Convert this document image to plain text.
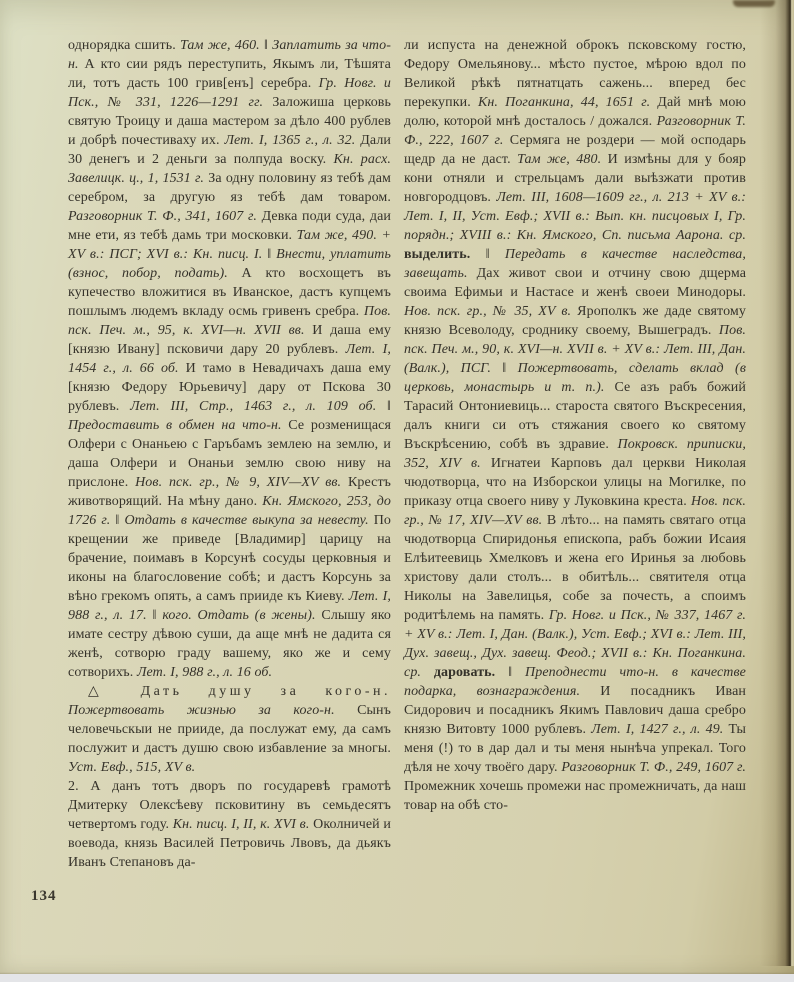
однорядка сшить. Там же, 460. ‖ Заплатить за что-н. А кто сии рядъ переступить, Якымъ ли, Тѣшята ли, тотъ дасть 100 грив[енъ] серебра. Гр. Новг. и Пск., № 331, 1226—1291 гг. Заложиша церковь святую Троицу и даша мастером за дѣло 400 рублев и добрѣ почестиваху их. Лет. I, 1365 г., л. 32. Дали 30 денегъ и 2 деньги за полпуда воску. Кн. расх. Завелицк. ц., 1, 1531 г. За одну половину яз тебѣ дам серебром, за другую яз тебѣ дам товаром. Разговорник Т. Ф., 341, 1607 г. Девка поди суда, даи мне ети, яз тебѣ дамь три московки. Там же, 490. + XV в.: ПСГ; XVI в.: Кн. писц. I. ‖ Внести, уплатить (взнос, побор, подать). А кто восхощетъ въ купечество вложитися въ Иванское, дастъ купцемъ пошлымъ людемъ вкладу осмь гривенъ сребра. Пов. пск. Печ. м., 95, к. XVI—н. XVII вв. И даша ему [князю Ивану] псковичи дару 20 рублевъ. Лет. I, 1454 г., л. 66 об. И тамо в Невадичахъ даша ему [князю Федору Юрьевичу] дару от Пскова 30 рублевъ. Лет. III, Стр., 1463 г., л. 109 об. ‖ Предоставить в обмен на что-н. Се розменищася Олфери с Онаньею с Гаръбамъ землею на землю, и даша Олфери и Онаньи землю свою ниву на прислоне. Нов. пск. гр., № 9, XIV—XV вв. Крестъ животворящий. На мѣну дано. Кн. Ямского, 253, до 1726 г. ‖ Отдать в качестве выкупа за невесту. По крещении же приведе [Владимир] царицу на брачение, поимавъ в Корсунѣ сосуды церковныя и иконы на благословение собѣ; и дастъ Корсунь за вѣно грекомъ опять, а самъ прииде къ Киеву. Лет. I, 988 г., л. 17. ‖ кого. Отдать (в жены). Слышу яко имате сестру дѣвою суши, да аще мнѣ не дадита ся женѣ, сотворю граду вашему, яко же и сему сотворихъ. Лет. I, 988 г., л. 16 об.

△ Дать душу за кого-н. Пожертвовать жизнью за кого-н. Сынъ человечьскыи не прииде, да послужат ему, да самъ послужит и дастъ душю свою избавление за многы. Уст. Евф., 515, XV в.

2. А данъ тотъ дворъ по государевѣ грамотѣ Дмитерку Олексѣеву псковитину въ семьдесятъ четвертомъ году. Кн. писц. I, II, к. XVI в. Околничей и воевода, князь Василей Петровичь Лвовъ, да дьякъ Иванъ Степановъ да-

ли испуста на денежной оброкъ псковскому гостю, Федору Омельянову... мѣсто пустое, мѣрою вдол по Великой рѣкѣ пятнатцать сажень... вперед бес перекупки. Кн. Поганкина, 44, 1651 г. Дай мнѣ мою долю, которой мнѣ досталось / дожался. Разговорник Т. Ф., 222, 1607 г. Сермяга не роздери — мой осподарь щедр да не даст. Там же, 480. И измѣны для у бояр кони отняли и стрельцамъ дали выѣзжати против новгородцовъ. Лет. III, 1608—1609 гг., л. 213 + XV в.: Лет. I, II, Уст. Евф.; XVII в.: Вып. кн. писцовых I, Гр. порядн.; XVIII в.: Кн. Ямского, Сп. письма Аарона. ср. выделить. ‖ Передать в качестве наследства, завещать. Дах живот свои и отчину свою дщерма своима Ефимьи и Настасе и женѣ своеи Минодоры. Нов. пск. гр., № 35, XV в. Ярополкъ же даде святому князю Всеволоду, сроднику своему, Вышеградъ. Пов. пск. Печ. м., 90, к. XVI—н. XVII в. + XV в.: Лет. III, Дан. (Валк.), ПСГ. ‖ Пожертвовать, сделать вклад (в церковь, монастырь и т. п.). Се азъ рабъ божий Тарасий Онтониевиць... староста святого Въскресения, далъ книги си отъ стяжания своего ко святому Въскрѣсению, собѣ въ здравие. Покровск. приписки, 352, XIV в. Игнатеи Карповъ дал церкви Николая чюдотворца, что на Изборскои улицы на Могилке, по приказу отца своего ниву у Луковкина креста. Нов. пск. гр., № 17, XIV—XV вв. В лѣто... на память святаго отца чюдотворца Спиридонья епископа, рабъ божии Исаия Елѣитеевиць Хмелковъ и жена его Иринья за любовь христову дали столъ... в обитѣль... святителя отца Николы на Завелицья, собе за почесть, а споимъ родитѣлемь на память. Гр. Новг. и Пск., № 337, 1467 г. + XV в.: Лет. I, Дан. (Валк.), Уст. Евф.; XVI в.: Лет. III, Дух. завещ., Дух. завещ. Феод.; XVII в.: Кн. Поганкина. ср. даровать. ‖ Преподнести что-н. в качестве подарка, вознаграждения. И посадникъ Иван Сидорович и посадникъ Якимъ Павлович даша сребро князю Витовту 1000 рублевъ. Лет. I, 1427 г., л. 49. Ты меня (!) то в дар дал и ты меня нынѣча упрекал. Того дѣля не хочу твоёго дару. Разговорник Т. Ф., 249, 1607 г. Промежник хочешь промежи нас промежничать, да наш товар на обѣ сто-

134
